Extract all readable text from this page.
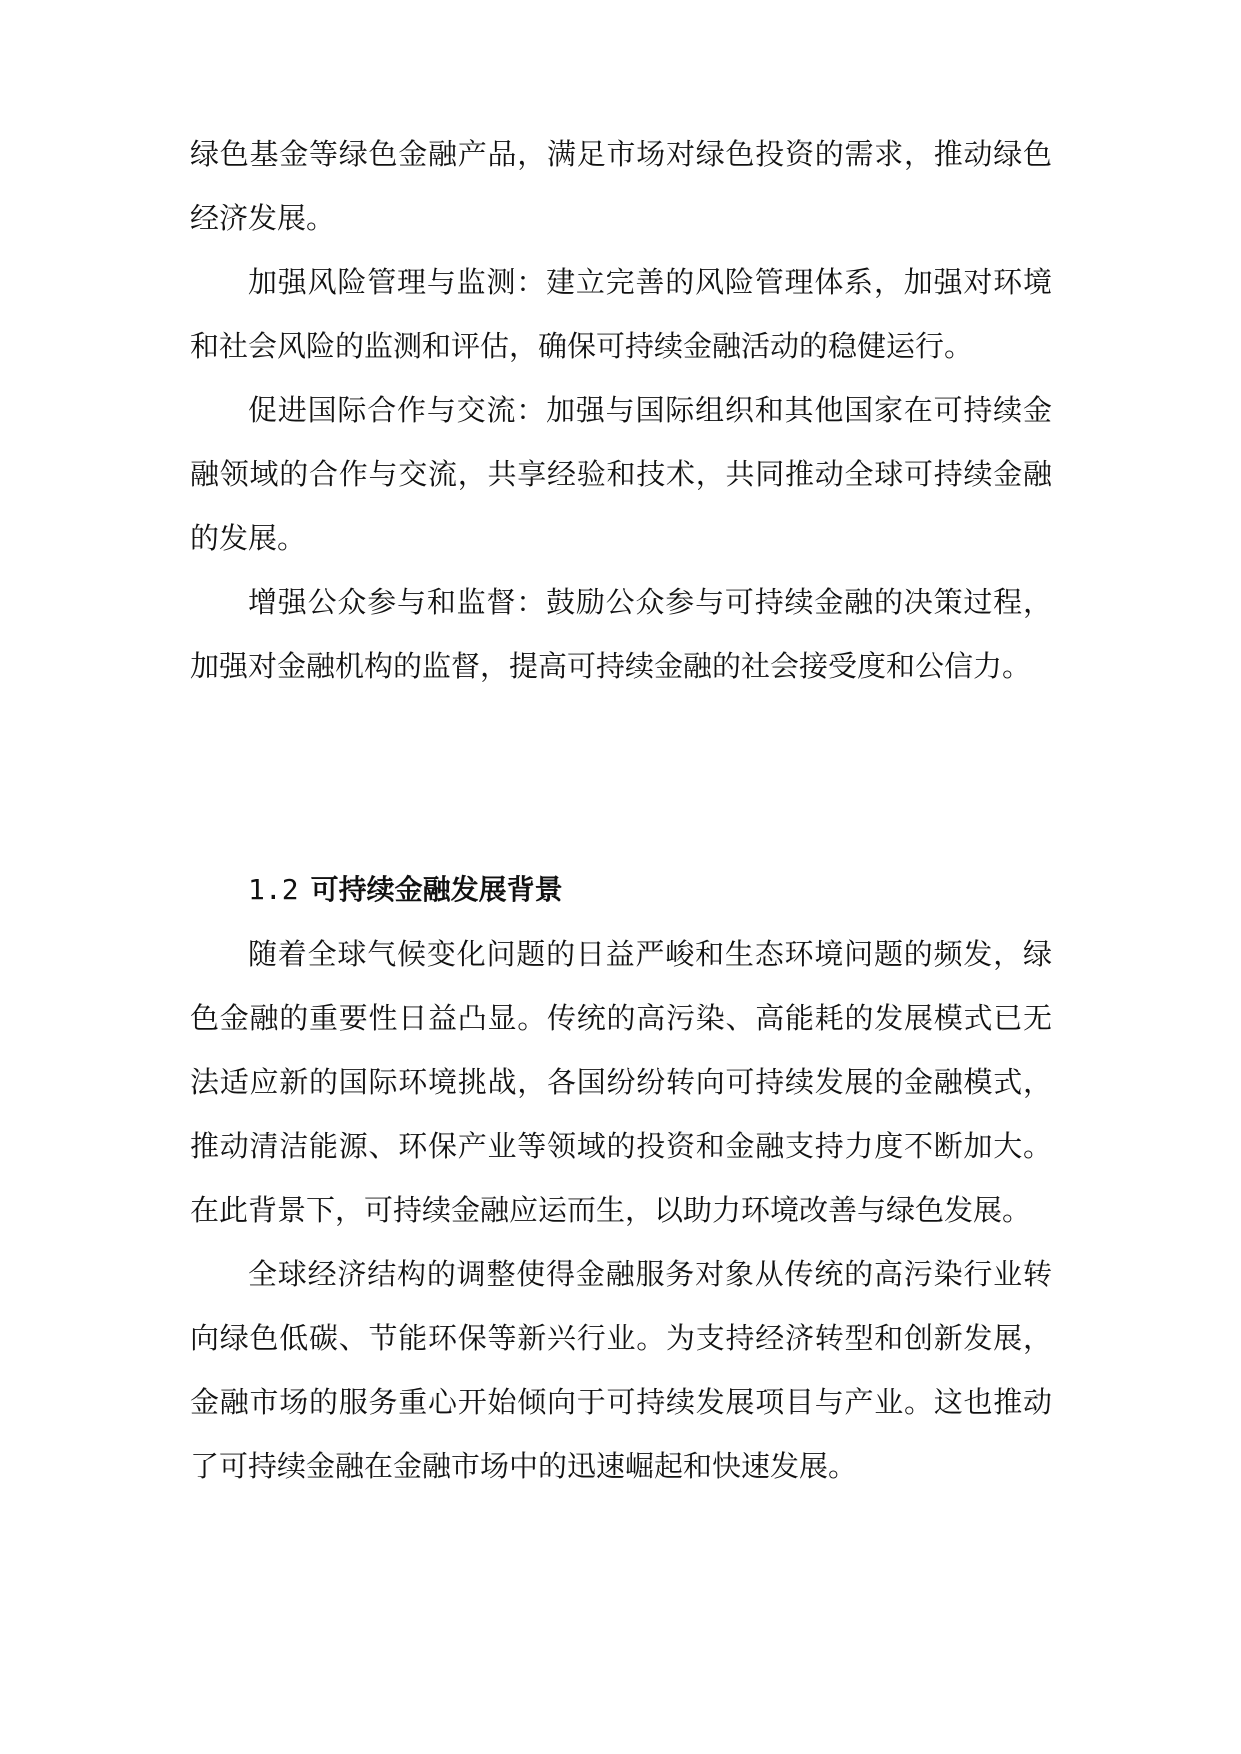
绿色基金等绿色金融产品，满足市场对绿色投资的需求，推动绿色经济发展。

加强风险管理与监测：建立完善的风险管理体系，加强对环境和社会风险的监测和评估，确保可持续金融活动的稳健运行。

促进国际合作与交流：加强与国际组织和其他国家在可持续金融领域的合作与交流，共享经验和技术，共同推动全球可持续金融的发展。

增强公众参与和监督：鼓励公众参与可持续金融的决策过程，加强对金融机构的监督，提高可持续金融的社会接受度和公信力。

1.2 可持续金融发展背景

随着全球气候变化问题的日益严峻和生态环境问题的频发，绿色金融的重要性日益凸显。传统的高污染、高能耗的发展模式已无法适应新的国际环境挑战，各国纷纷转向可持续发展的金融模式，推动清洁能源、环保产业等领域的投资和金融支持力度不断加大。在此背景下，可持续金融应运而生，以助力环境改善与绿色发展。

全球经济结构的调整使得金融服务对象从传统的高污染行业转向绿色低碳、节能环保等新兴行业。为支持经济转型和创新发展，金融市场的服务重心开始倾向于可持续发展项目与产业。这也推动了可持续金融在金融市场中的迅速崛起和快速发展。
